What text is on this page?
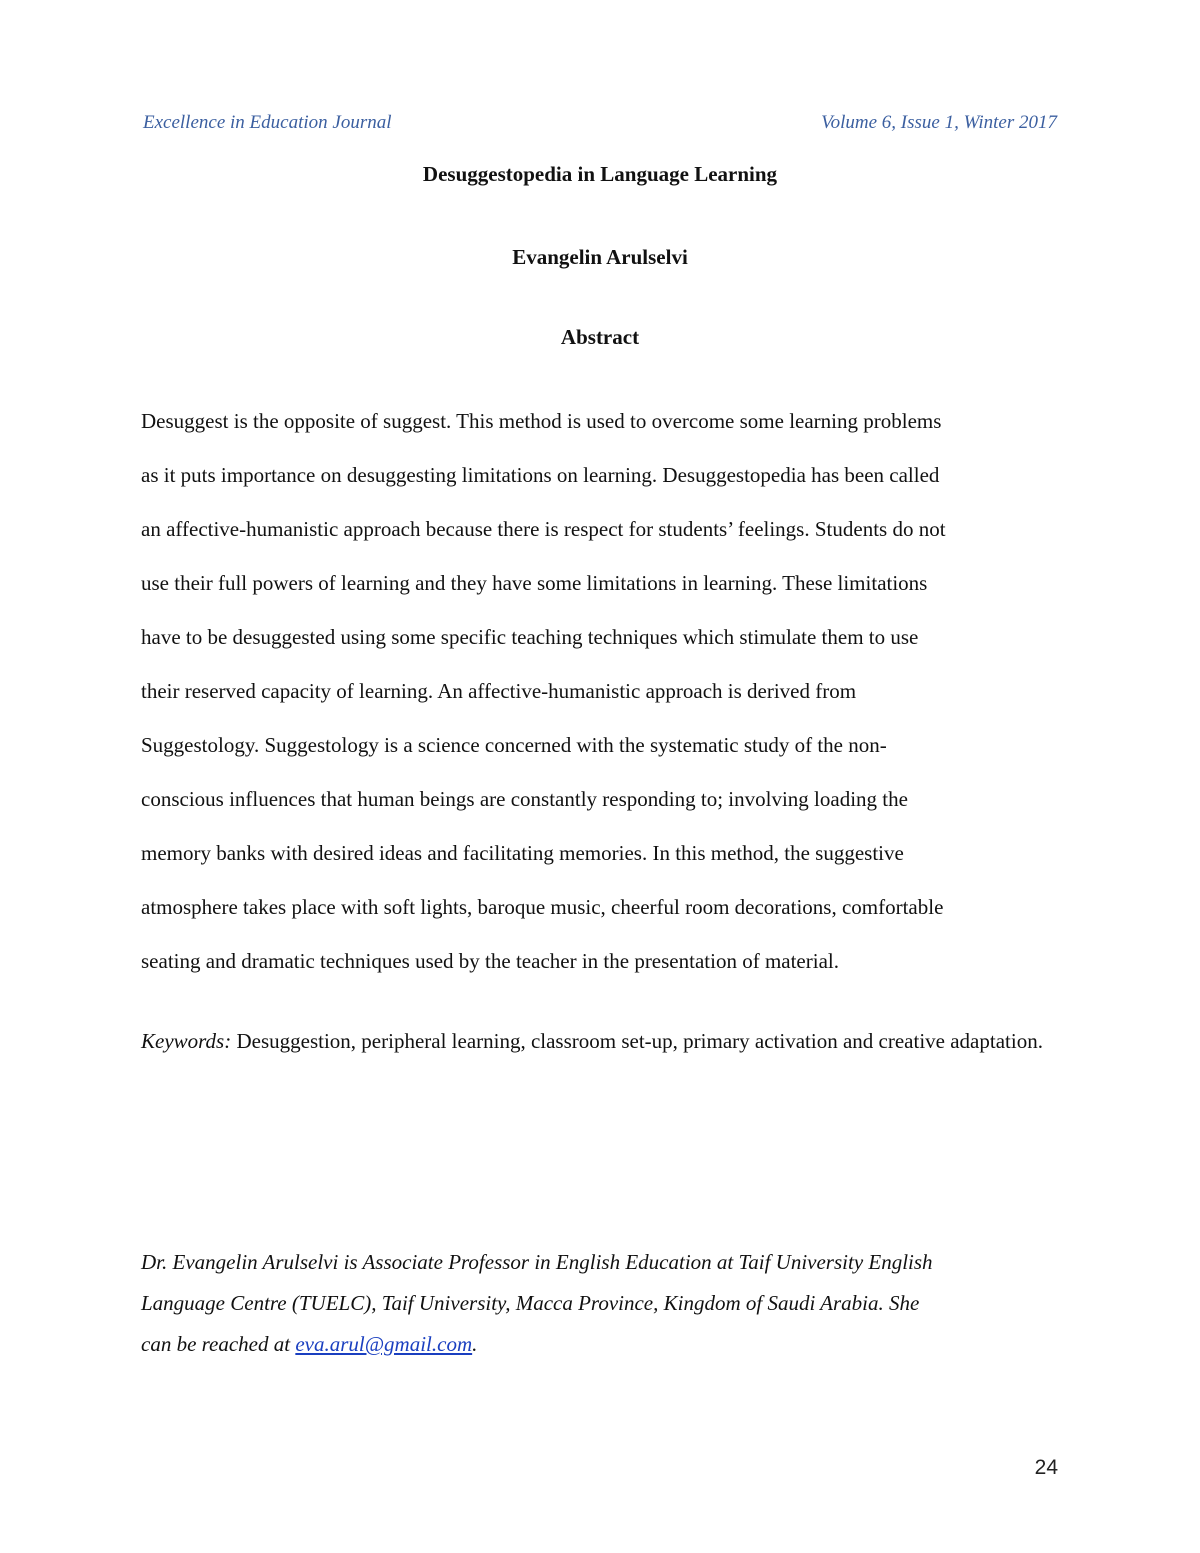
Excellence in Education Journal	Volume 6, Issue 1, Winter 2017
Desuggestopedia in Language Learning
Evangelin Arulselvi
Abstract

Desuggest is the opposite of suggest. This method is used to overcome some learning problems
as it puts importance on desuggesting limitations on learning. Desuggestopedia has been called
an affective-humanistic approach because there is respect for students’ feelings. Students do not
use their full powers of learning and they have some limitations in learning. These limitations
have to be desuggested using some specific teaching techniques which stimulate them to use
their reserved capacity of learning. An affective-humanistic approach is derived from
Suggestology. Suggestology is a science concerned with the systematic study of the non-
conscious influences that human beings are constantly responding to; involving loading the
memory banks with desired ideas and facilitating memories. In this method, the suggestive
atmosphere takes place with soft lights, baroque music, cheerful room decorations, comfortable
seating and dramatic techniques used by the teacher in the presentation of material.

Keywords: Desuggestion, peripheral learning, classroom set-up, primary activation and creative adaptation.
Dr. Evangelin Arulselvi is Associate Professor in English Education at Taif University English
Language Centre (TUELC), Taif University, Macca Province, Kingdom of Saudi Arabia. She
can be reached at eva.arul@gmail.com.
24
